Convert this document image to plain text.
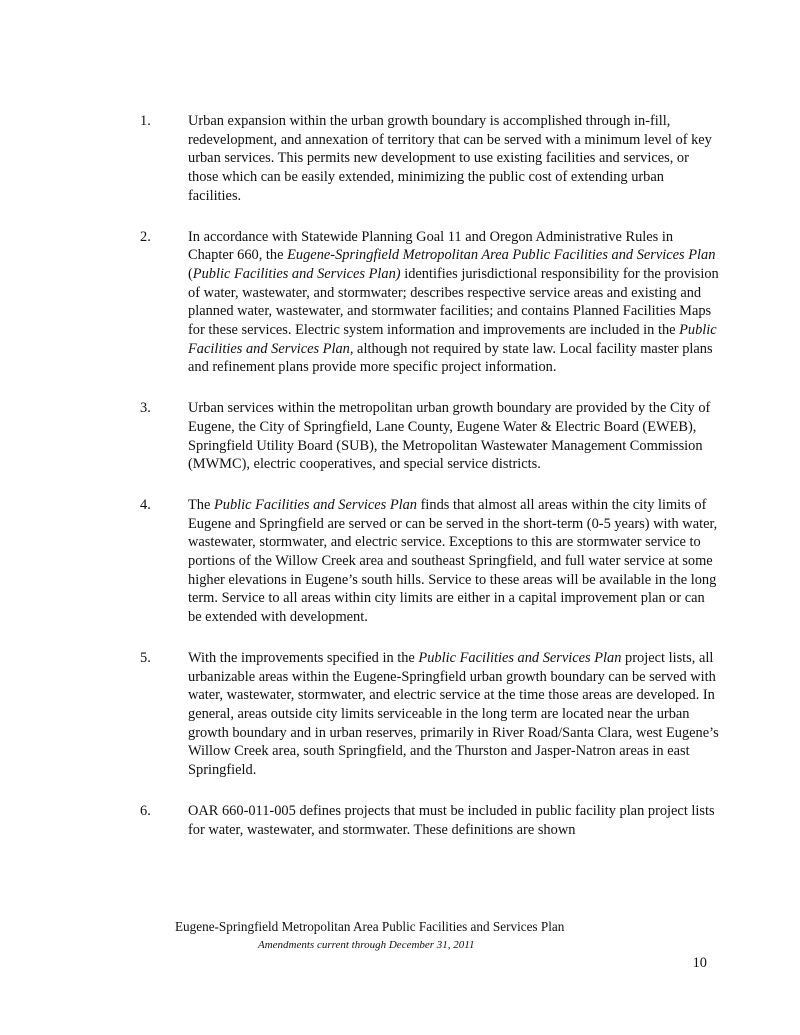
1.	Urban expansion within the urban growth boundary is accomplished through in-fill, redevelopment, and annexation of territory that can be served with a minimum level of key urban services. This permits new development to use existing facilities and services, or those which can be easily extended, minimizing the public cost of extending urban facilities.
2.	In accordance with Statewide Planning Goal 11 and Oregon Administrative Rules in Chapter 660, the Eugene-Springfield Metropolitan Area Public Facilities and Services Plan (Public Facilities and Services Plan) identifies jurisdictional responsibility for the provision of water, wastewater, and stormwater; describes respective service areas and existing and planned water, wastewater, and stormwater facilities; and contains Planned Facilities Maps for these services. Electric system information and improvements are included in the Public Facilities and Services Plan, although not required by state law. Local facility master plans and refinement plans provide more specific project information.
3.	Urban services within the metropolitan urban growth boundary are provided by the City of Eugene, the City of Springfield, Lane County, Eugene Water & Electric Board (EWEB), Springfield Utility Board (SUB), the Metropolitan Wastewater Management Commission (MWMC), electric cooperatives, and special service districts.
4.	The Public Facilities and Services Plan finds that almost all areas within the city limits of Eugene and Springfield are served or can be served in the short-term (0-5 years) with water, wastewater, stormwater, and electric service. Exceptions to this are stormwater service to portions of the Willow Creek area and southeast Springfield, and full water service at some higher elevations in Eugene’s south hills. Service to these areas will be available in the long term. Service to all areas within city limits are either in a capital improvement plan or can be extended with development.
5.	With the improvements specified in the Public Facilities and Services Plan project lists, all urbanizable areas within the Eugene-Springfield urban growth boundary can be served with water, wastewater, stormwater, and electric service at the time those areas are developed. In general, areas outside city limits serviceable in the long term are located near the urban growth boundary and in urban reserves, primarily in River Road/Santa Clara, west Eugene’s Willow Creek area, south Springfield, and the Thurston and Jasper-Natron areas in east Springfield.
6.	OAR 660-011-005 defines projects that must be included in public facility plan project lists for water, wastewater, and stormwater. These definitions are shown
Eugene-Springfield Metropolitan Area Public Facilities and Services Plan
Amendments current through December 31, 2011
10
